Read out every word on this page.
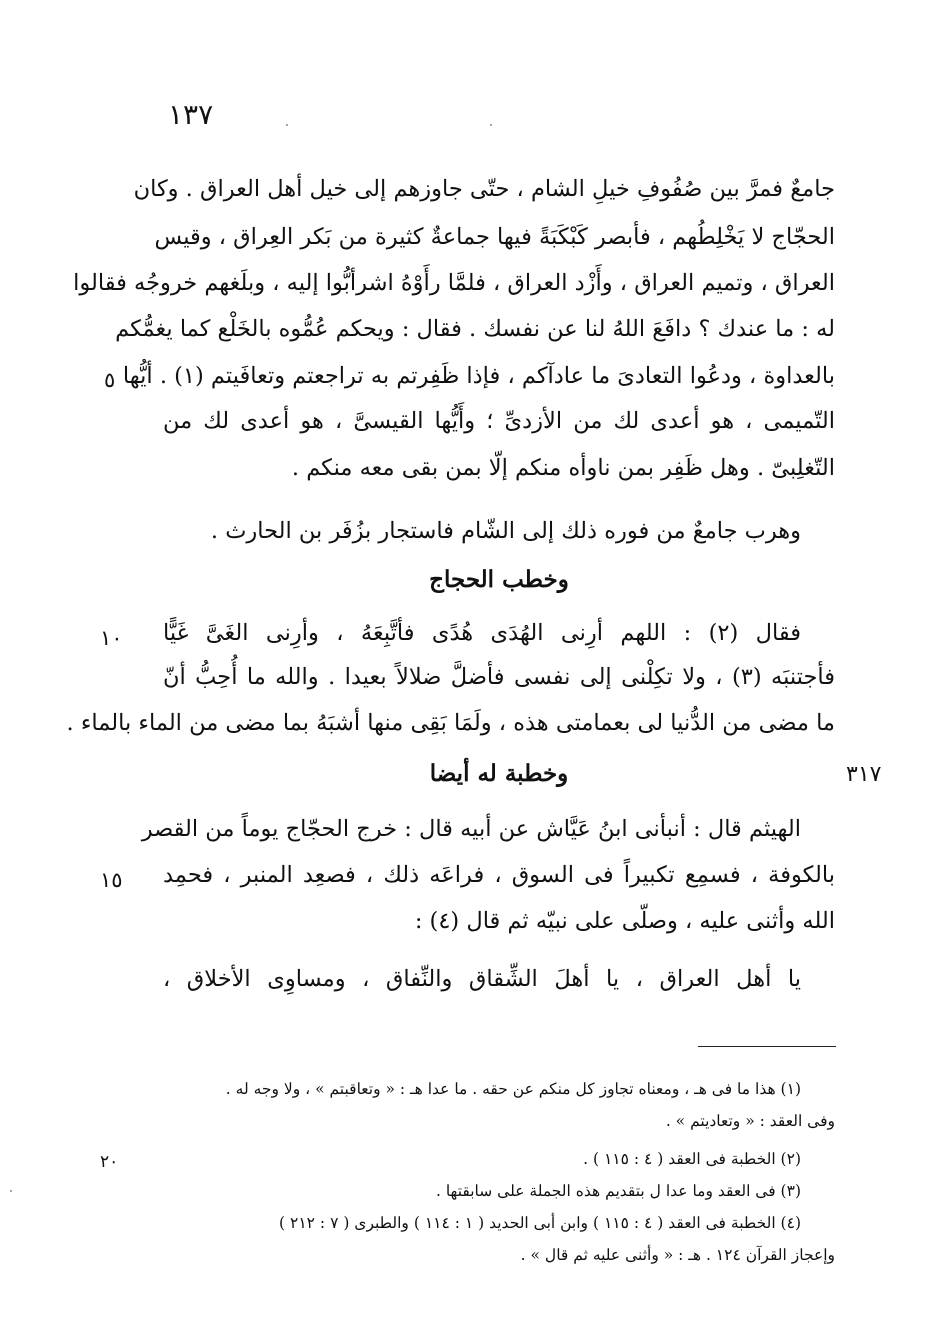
١٣٧
جامعٌ فمرَّ بين صُفُوفِ خيلِ الشام ، حتّى جاوزهم إلى خيل أهل العراق . وكان
الحجّاج لا يَخْلِطُهم ، فأبصر كَبْكَبَةً فيها جماعةٌ كثيرة من بَكر العِراق ، وقيس
العراق ، وتميم العراق ، وأَزْد العراق ، فلمَّا رأَوْهُ اشرأبُّوا إليه ، وبلَغهم خروجُه فقالوا
له : ما عندك ؟ دافَعَ اللهُ لنا عن نفسك . فقال : ويحكم عُمُّوه بالخَلْع كما يغمُّكم
بالعداوة ، ودعُوا التعادىَ ما عادآكم ، فإذا ظَفِرتم به تراجعتم وتعافَيتم (١) . أيُّها
التّميمى ، هو أعدى لك من الأزدىِّ ؛ وأَيُّها القيسىَّ ، هو أعدى لك من
التّغلِبىّ . وهل ظَفِر بمن ناوأه منكم إلّا بمن بقى معه منكم .
٥
وهرب جامعٌ من فوره ذلك إلى الشّام فاستجار بزُفَر بن الحارث .
وخطب الحجاج
فقال (٢) : اللهم أرِنى الهُدَى هُدًى فأتَّبِعَهُ ، وأرِنى الغَىَّ غَيًّا
فأجتنبَه (٣) ، ولا تكِلْنى إلى نفسى فأضلَّ ضلالاً بعيدا . والله ما أُحِبُّ أنّ
ما مضى من الدُّنيا لى بعمامتى هذه ، ولَمَا بَقِى منها أشبَهُ بما مضى من الماء بالماء .
١٠
وخطبة له أيضا	٣١٧
الهيثم قال : أنبأنى ابنُ عَيَّاش عن أبيه قال : خرج الحجّاج يوماً من القصر
بالكوفة ، فسمِع تكبيراً فى السوق ، فراعَه ذلك ، فصعِد المنبر ، فحمِد
الله وأثنى عليه ، وصلّى على نبيّه ثم قال (٤) :
١٥
يا أهل العراق ، يا أهلَ الشِّقاق والنِّفاق ، ومساوِى الأخلاق ،
(١) هذا ما فى هـ ، ومعناه تجاوز كل منكم عن حقه . ما عدا هـ : « وتعاقبتم » ، ولا وجه له .
وفى العقد : « وتعاديتم » .
(٢) الخطبة فى العقد ( ٤ : ١١٥ ) .
(٣) فى العقد وما عدا ل بتقديم هذه الجملة على سابقتها .
(٤) الخطبة فى العقد ( ٤ : ١١٥ ) وابن أبى الحديد ( ١ : ١١٤ ) والطبرى ( ٧ : ٢١٢ )
وإعجاز القرآن ١٢٤ . هـ : « وأثنى عليه ثم قال » .
٢٠
